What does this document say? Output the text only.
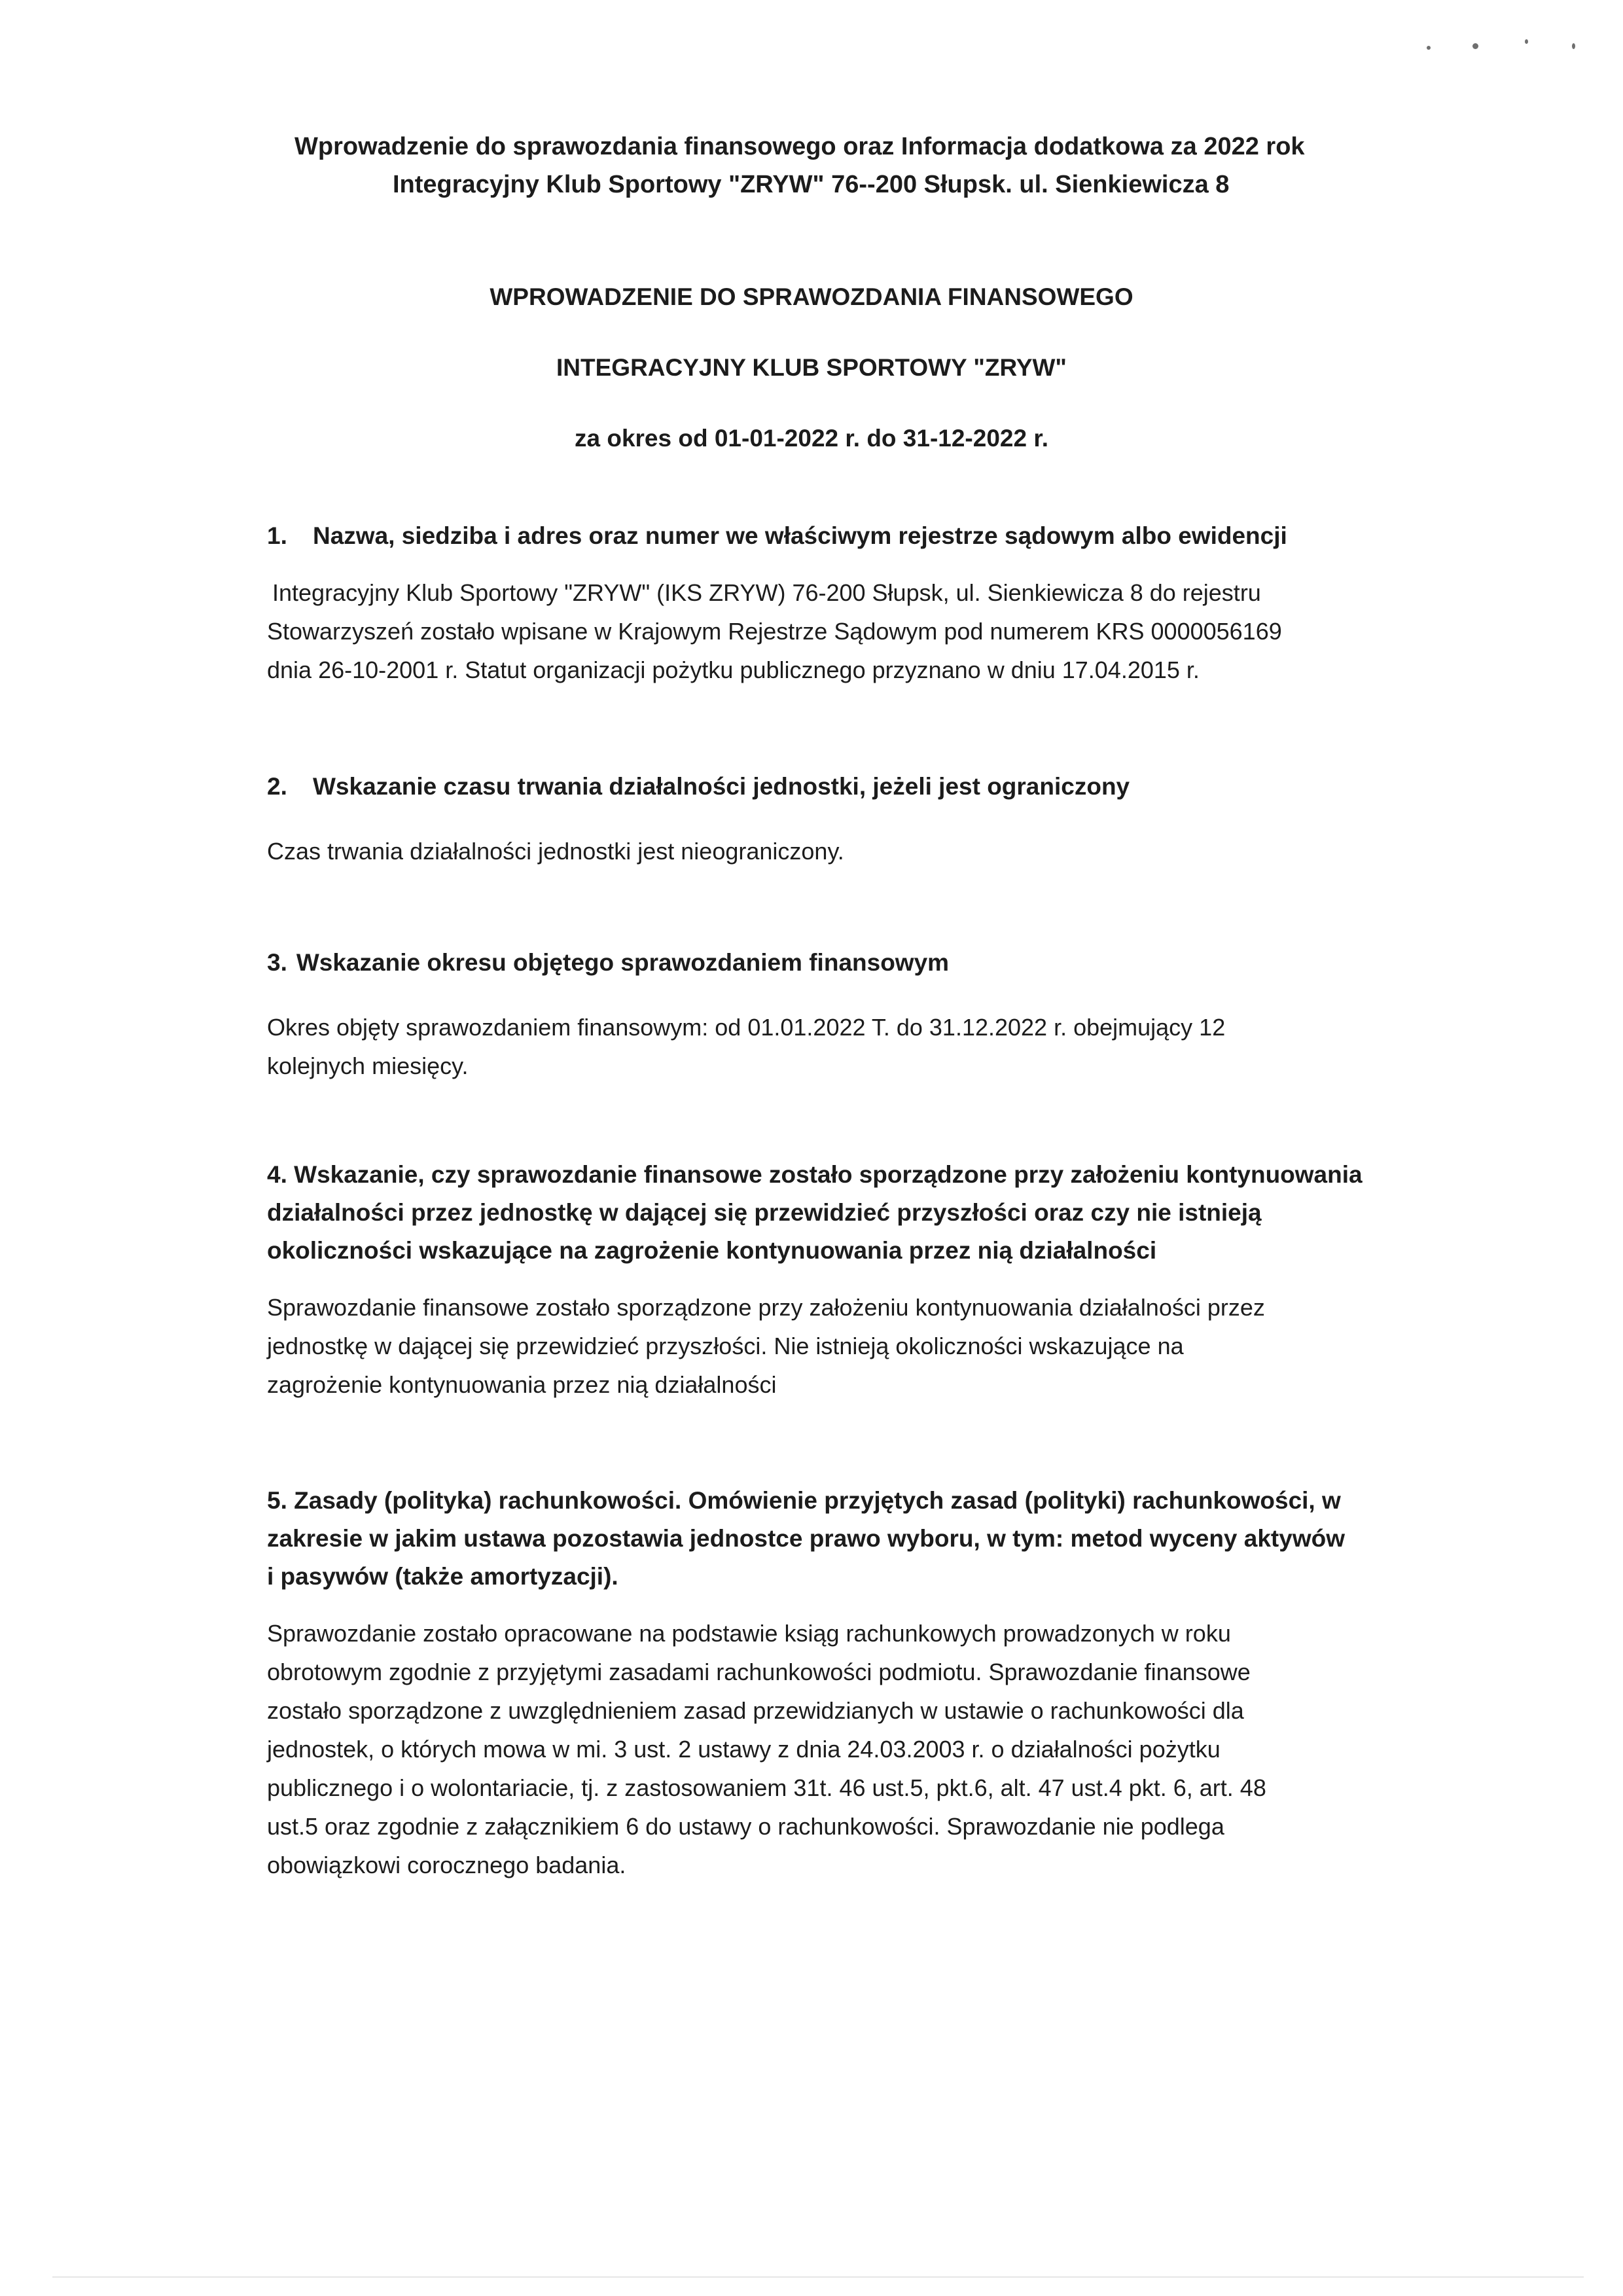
Wprowadzenie do sprawozdania finansowego oraz Informacja dodatkowa za 2022 rok
Integracyjny Klub Sportowy "ZRYW" 76--200 Słupsk. ul. Sienkiewicza 8
WPROWADZENIE DO SPRAWOZDANIA FINANSOWEGO
INTEGRACYJNY KLUB SPORTOWY "ZRYW"
za okres od 01-01-2022 r. do 31-12-2022 r.
1. Nazwa, siedziba i adres oraz numer we właściwym rejestrze sądowym albo ewidencji
Integracyjny Klub Sportowy "ZRYW" (IKS ZRYW) 76-200 Słupsk, ul. Sienkiewicza 8 do rejestru
Stowarzyszeń zostało wpisane w Krajowym Rejestrze Sądowym pod numerem KRS 0000056169
dnia 26-10-2001 r. Statut organizacji pożytku publicznego przyznano w dniu 17.04.2015 r.
2. Wskazanie czasu trwania działalności jednostki, jeżeli jest ograniczony
Czas trwania działalności jednostki jest nieograniczony.
3. Wskazanie okresu objętego sprawozdaniem finansowym
Okres objęty sprawozdaniem finansowym: od 01.01.2022 T. do 31.12.2022 r. obejmujący 12
kolejnych miesięcy.
4. Wskazanie, czy sprawozdanie finansowe zostało sporządzone przy założeniu kontynuowania
działalności przez jednostkę w dającej się przewidzieć przyszłości oraz czy nie istnieją
okoliczności wskazujące na zagrożenie kontynuowania przez nią działalności
Sprawozdanie finansowe zostało sporządzone przy założeniu kontynuowania działalności przez
jednostkę w dającej się przewidzieć przyszłości. Nie istnieją okoliczności wskazujące na
zagrożenie kontynuowania przez nią działalności
5. Zasady (polityka) rachunkowości. Omówienie przyjętych zasad (polityki) rachunkowości, w
zakresie w jakim ustawa pozostawia jednostce prawo wyboru, w tym: metod wyceny aktywów
i pasywów (także amortyzacji).
Sprawozdanie zostało opracowane na podstawie ksiąg rachunkowych prowadzonych w roku
obrotowym zgodnie z przyjętymi zasadami rachunkowości podmiotu. Sprawozdanie finansowe
zostało sporządzone z uwzględnieniem zasad przewidzianych w ustawie o rachunkowości dla
jednostek, o których mowa w mi. 3 ust. 2 ustawy z dnia 24.03.2003 r. o działalności pożytku
publicznego i o wolontariacie, tj. z zastosowaniem 31t. 46 ust.5, pkt.6, alt. 47 ust.4 pkt. 6, art. 48
ust.5 oraz zgodnie z załącznikiem 6 do ustawy o rachunkowości. Sprawozdanie nie podlega
obowiązkowi corocznego badania.
